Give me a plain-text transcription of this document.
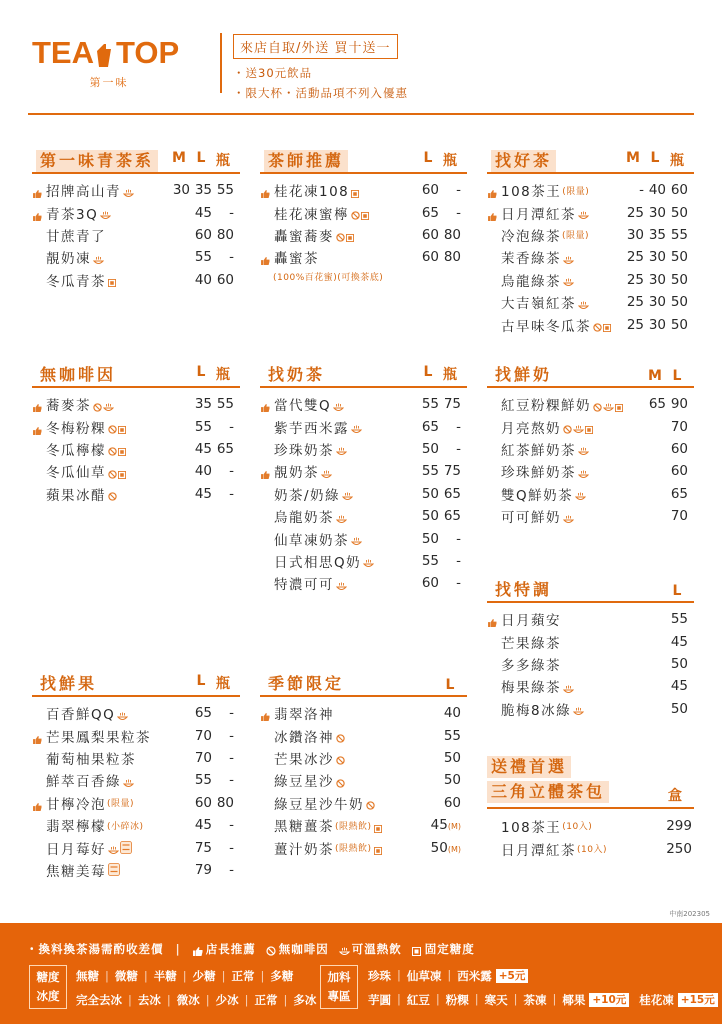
TEA TOP
第一味
來店自取/外送 買十送一
・送30元飲品
・限大杯・活動品項不列入優惠
第一味青茶系 M L 瓶
招牌高山青	30 35 55
青茶3Q	45	-
甘蔗青了	60 80
靚奶凍	55	-
冬瓜青茶	40 60
茶師推薦	L 瓶
桂花凍108	60	-
桂花凍蜜檸	65	-
轟蜜蕎麥	60 80
轟蜜茶	60 80
(100%百花蜜)(可換茶底)
找好茶	M L 瓶
108茶王 (限量)	- 40 60
日月潭紅茶	25 30 50
冷泡綠茶 (限量)	30 35 55
茉香綠茶	25 30 50
烏龍綠茶	25 30 50
大吉嶺紅茶	25 30 50
古早味冬瓜茶	25 30 50
無咖啡因	L 瓶
蕎麥茶	35 55
冬梅粉粿	55	-
冬瓜檸檬	45 65
冬瓜仙草	40	-
蘋果冰醋	45	-
找奶茶	L 瓶
當代雙Q	55 75
紫芋西米露	65	-
珍珠奶茶	50	-
靚奶茶	55 75
奶茶/奶綠	50 65
烏龍奶茶	50 65
仙草凍奶茶	50	-
日式相思Q奶	55	-
特濃可可	60	-
找鮮奶	M L
紅豆粉粿鮮奶	65 90
月亮熬奶	70
紅茶鮮奶茶	60
珍珠鮮奶茶	60
雙Q鮮奶茶	65
可可鮮奶	70
找特調	L
日月蘋安	55
芒果綠茶	45
多多綠茶	50
梅果綠茶	45
脆梅8冰綠	50
找鮮果	L 瓶
百香鮮QQ	65	-
芒果鳳梨果粒茶	70	-
葡萄柚果粒茶	70	-
鮮萃百香綠	55	-
甘檸冷泡 (限量)	60 80
翡翠檸檬 (小碎冰)	45	-
日月莓好	75	-
焦糖美莓	79	-
季節限定	L
翡翠洛神	40
冰鑽洛神	55
芒果冰沙	50
綠豆星沙	50
綠豆星沙牛奶	60
黑糖薑茶 (限熱飲)	45 (M)
薑汁奶茶 (限熱飲)	50 (M)
送禮首選
三角立體茶包	盒
108茶王 (10入)	299
日月潭紅茶 (10入)	250
中南202305
・換料換茶湯需酌收差價 | 店長推薦 無咖啡因 可溫熱飲 固定糖度
糖度
冰度
無糖 | 微糖 | 半糖 | 少糖 | 正常 | 多糖
完全去冰 | 去冰 | 微冰 | 少冰 | 正常 | 多冰
加料
專區
珍珠 | 仙草凍 | 西米露 +5元
芋圓 | 紅豆 | 粉粿 | 寒天 | 茶凍 | 椰果 +10元 桂花凍 +15元
